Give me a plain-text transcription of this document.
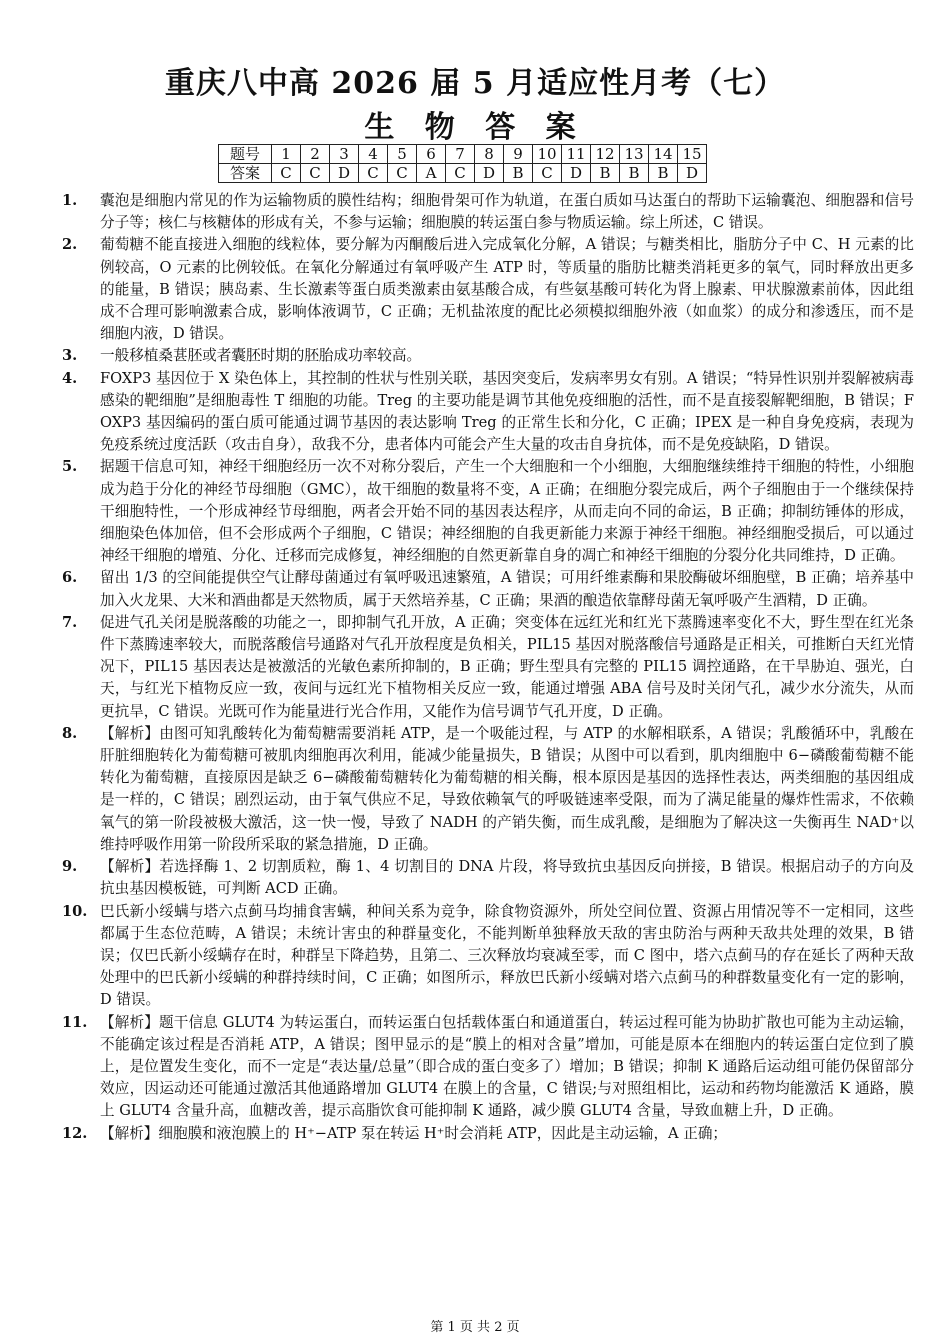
重庆八中高 2026 届 5 月适应性月考（七）
生 物 答 案
题号	1	2	3	4	5	6	7	8	9	10	11	12	13	14	15
答案	C	C	D	C	C	A	C	D	B	C	D	B	B	B	D
1.	囊泡是细胞内常见的作为运输物质的膜性结构；细胞骨架可作为轨道，在蛋白质如马达蛋白的帮助下运输囊泡、细胞器和信号分子等；核仁与核糖体的形成有关，不参与运输；细胞膜的转运蛋白参与物质运输。综上所述，C 错误。
2.	葡萄糖不能直接进入细胞的线粒体，要分解为丙酮酸后进入完成氧化分解，A 错误；与糖类相比，脂肪分子中 C、H 元素的比例较高，O 元素的比例较低。在氧化分解通过有氧呼吸产生 ATP 时，等质量的脂肪比糖类消耗更多的氧气，同时释放出更多的能量，B 错误；胰岛素、生长激素等蛋白质类激素由氨基酸合成，有些氨基酸可转化为肾上腺素、甲状腺激素前体，因此组成不合理可影响激素合成，影响体液调节，C 正确；无机盐浓度的配比必须模拟细胞外液（如血浆）的成分和渗透压，而不是细胞内液，D 错误。
3.	一般移植桑葚胚或者囊胚时期的胚胎成功率较高。
4.	FOXP3 基因位于 X 染色体上，其控制的性状与性别关联，基因突变后，发病率男女有别。A 错误；“特异性识别并裂解被病毒感染的靶细胞”是细胞毒性 T 细胞的功能。Treg 的主要功能是调节其他免疫细胞的活性，而不是直接裂解靶细胞，B 错误；FOXP3 基因编码的蛋白质可能通过调节基因的表达影响 Treg 的正常生长和分化，C 正确；IPEX 是一种自身免疫病，表现为免疫系统过度活跃（攻击自身），敌我不分，患者体内可能会产生大量的攻击自身抗体，而不是免疫缺陷，D 错误。
5.	据题干信息可知，神经干细胞经历一次不对称分裂后，产生一个大细胞和一个小细胞，大细胞继续维持干细胞的特性，小细胞成为趋于分化的神经节母细胞（GMC），故干细胞的数量将不变，A 正确；在细胞分裂完成后，两个子细胞由于一个继续保持干细胞特性，一个形成神经节母细胞，两者会开始不同的基因表达程序，从而走向不同的命运，B 正确；抑制纺锤体的形成，细胞染色体加倍，但不会形成两个子细胞，C 错误；神经细胞的自我更新能力来源于神经干细胞。神经细胞受损后，可以通过神经干细胞的增殖、分化、迁移而完成修复，神经细胞的自然更新靠自身的凋亡和神经干细胞的分裂分化共同维持，D 正确。
6.	留出 1/3 的空间能提供空气让酵母菌通过有氧呼吸迅速繁殖，A 错误；可用纤维素酶和果胶酶破坏细胞壁，B 正确；培养基中加入火龙果、大米和酒曲都是天然物质，属于天然培养基，C 正确；果酒的酿造依靠酵母菌无氧呼吸产生酒精，D 正确。
7.	促进气孔关闭是脱落酸的功能之一，即抑制气孔开放，A 正确；突变体在远红光和红光下蒸腾速率变化不大，野生型在红光条件下蒸腾速率较大，而脱落酸信号通路对气孔开放程度是负相关，PIL15 基因对脱落酸信号通路是正相关，可推断白天红光情况下，PIL15 基因表达是被激活的光敏色素所抑制的，B 正确；野生型具有完整的 PIL15 调控通路，在干旱胁迫、强光，白天，与红光下植物反应一致，夜间与远红光下植物相关反应一致，能通过增强 ABA 信号及时关闭气孔，减少水分流失，从而更抗旱，C 错误。光既可作为能量进行光合作用，又能作为信号调节气孔开度，D 正确。
8.	【解析】由图可知乳酸转化为葡萄糖需要消耗 ATP，是一个吸能过程，与 ATP 的水解相联系，A 错误；乳酸循环中，乳酸在肝脏细胞转化为葡萄糖可被肌肉细胞再次利用，能减少能量损失，B 错误；从图中可以看到，肌肉细胞中 6−磷酸葡萄糖不能转化为葡萄糖，直接原因是缺乏 6−磷酸葡萄糖转化为葡萄糖的相关酶，根本原因是基因的选择性表达，两类细胞的基因组成是一样的，C 错误；剧烈运动，由于氧气供应不足，导致依赖氧气的呼吸链速率受限，而为了满足能量的爆炸性需求，不依赖氧气的第一阶段被极大激活，这一快一慢，导致了 NADH 的产销失衡，而生成乳酸，是细胞为了解决这一失衡再生 NAD⁺以维持呼吸作用第一阶段所采取的紧急措施，D 正确。
9.	【解析】若选择酶 1、2 切割质粒，酶 1、4 切割目的 DNA 片段，将导致抗虫基因反向拼接，B 错误。根据启动子的方向及抗虫基因模板链，可判断 ACD 正确。
10. 巴氏新小绥螨与塔六点蓟马均捕食害螨，种间关系为竞争，除食物资源外，所处空间位置、资源占用情况等不一定相同，这些都属于生态位范畴，A 错误；未统计害虫的种群量变化，不能判断单独释放天敌的害虫防治与两种天敌共处理的效果，B 错误；仅巴氏新小绥螨存在时，种群呈下降趋势，且第二、三次释放均衰减至零，而 C 图中，塔六点蓟马的存在延长了两种天敌处理中的巴氏新小绥螨的种群持续时间，C 正确；如图所示，释放巴氏新小绥螨对塔六点蓟马的种群数量变化有一定的影响，D 错误。
11. 【解析】题干信息 GLUT4 为转运蛋白，而转运蛋白包括载体蛋白和通道蛋白，转运过程可能为协助扩散也可能为主动运输，不能确定该过程是否消耗 ATP，A 错误；图甲显示的是“膜上的相对含量”增加，可能是原本在细胞内的转运蛋白定位到了膜上，是位置发生变化，而不一定是“表达量/总量”（即合成的蛋白变多了）增加；B 错误；抑制 K 通路后运动组可能仍保留部分效应，因运动还可能通过激活其他通路增加 GLUT4 在膜上的含量，C 错误;与对照组相比，运动和药物均能激活 K 通路，膜上 GLUT4 含量升高，血糖改善，提示高脂饮食可能抑制 K 通路，减少膜 GLUT4 含量，导致血糖上升，D 正确。
12. 【解析】细胞膜和液泡膜上的 H⁺−ATP 泵在转运 H⁺时会消耗 ATP，因此是主动运输，A 正确；
第 1 页 共 2 页
